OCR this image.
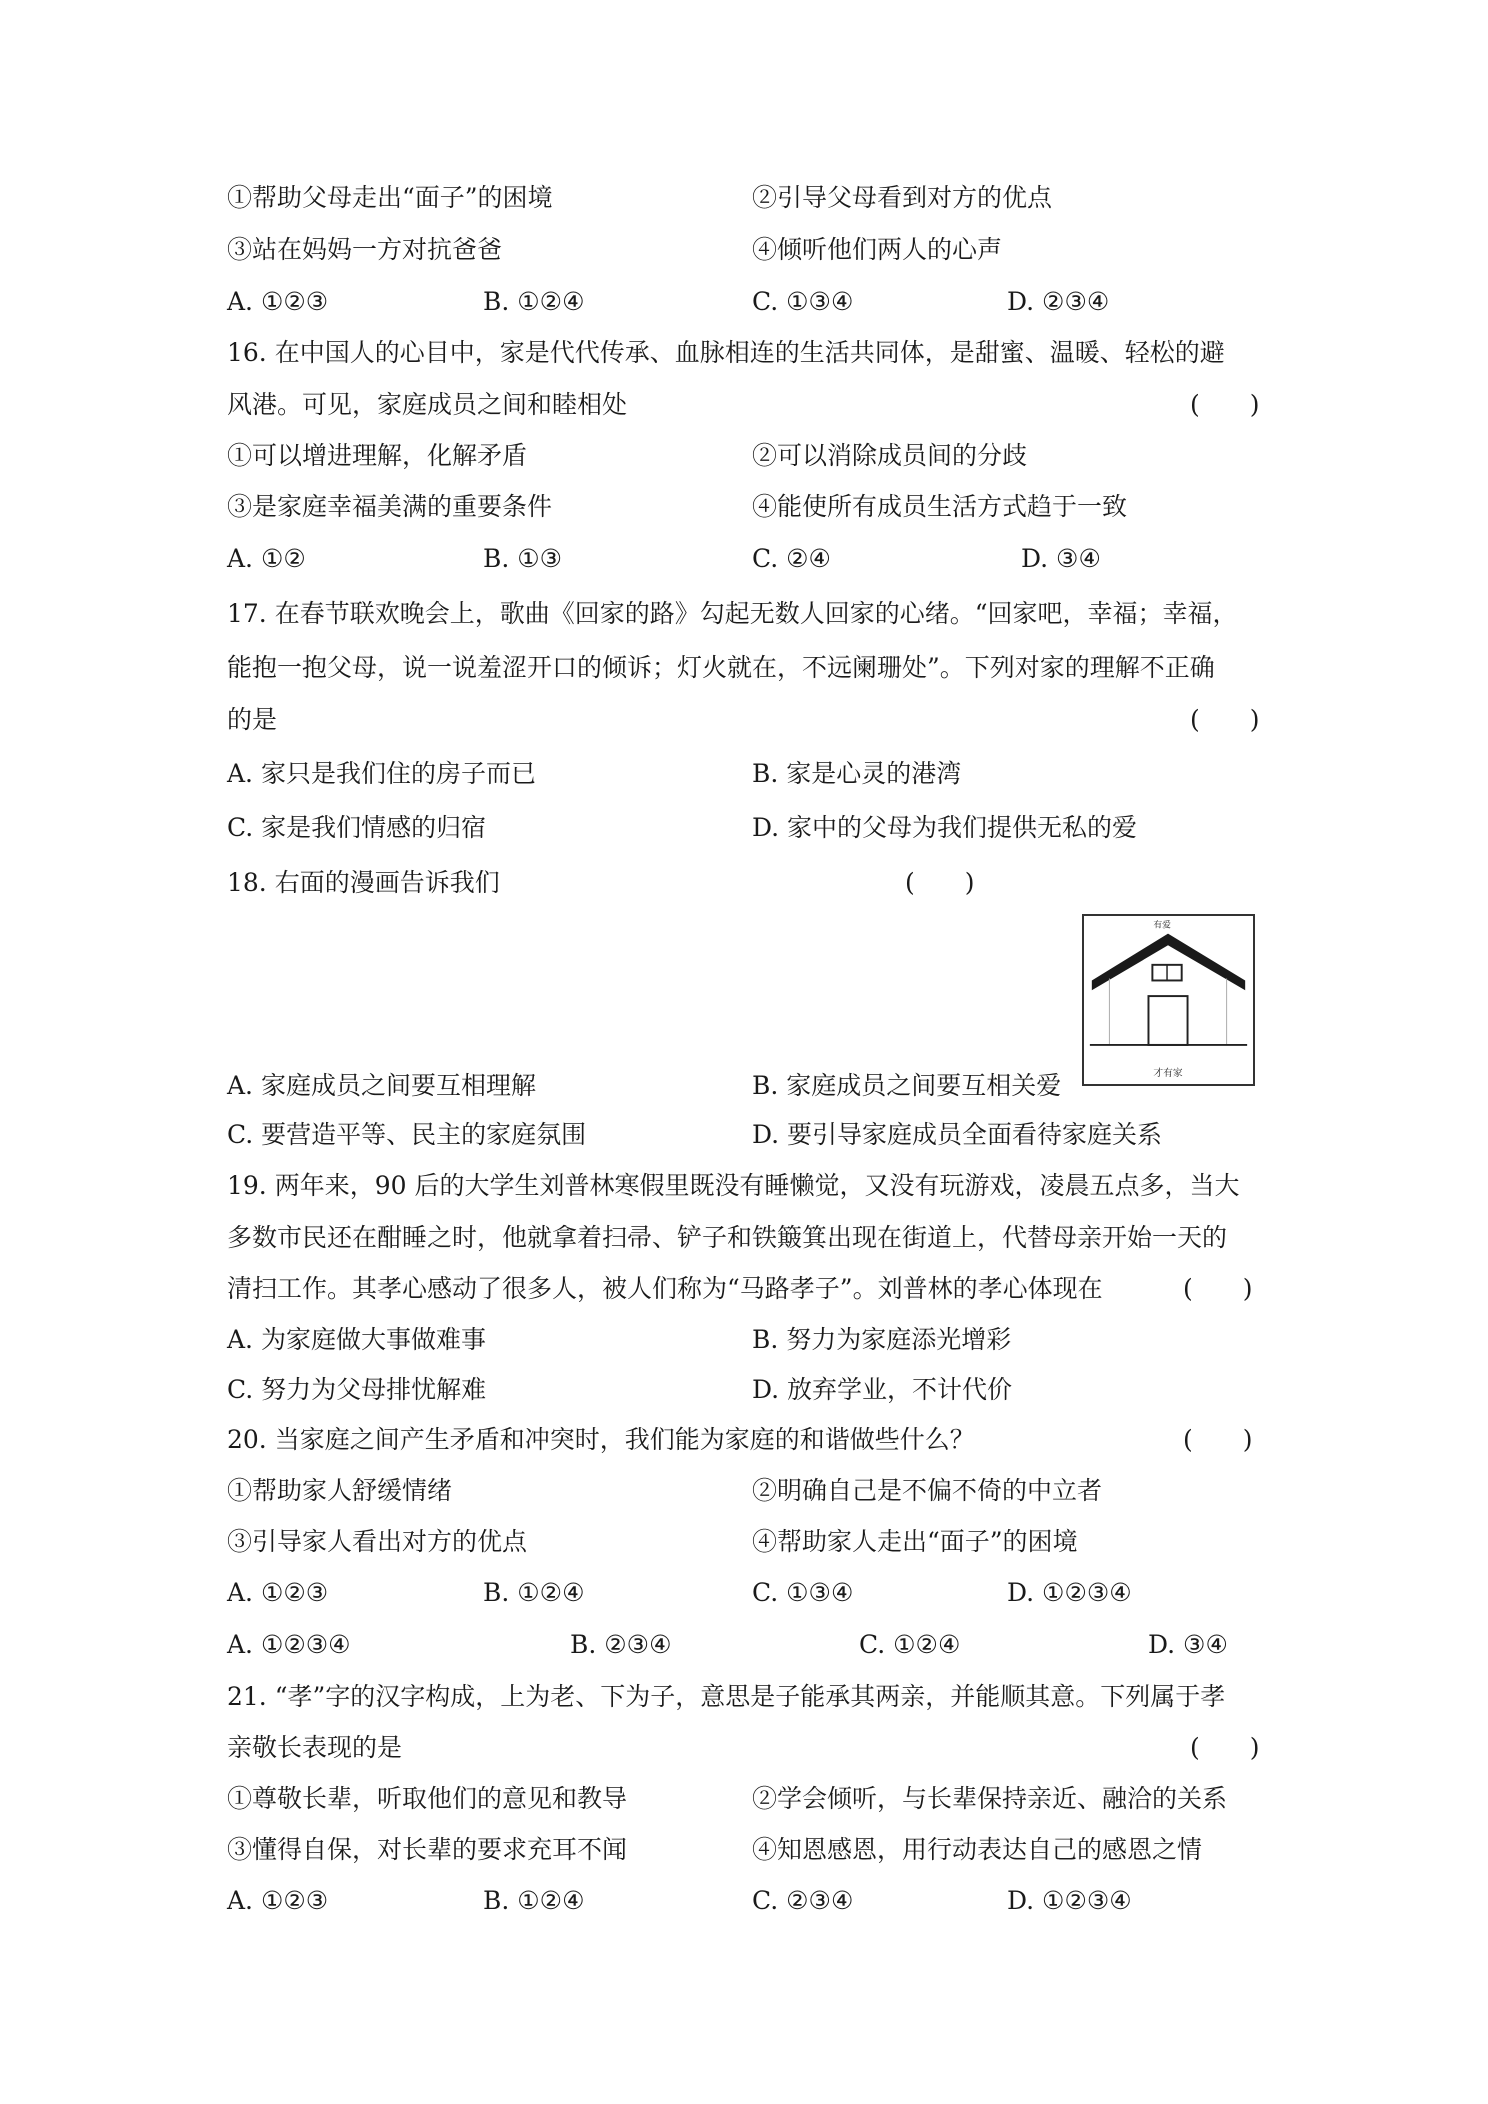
①帮助父母走出“面子”的困境	②引导父母看到对方的优点
③站在妈妈一方对抗爸爸	④倾听他们两人的心声
A. ①②③	B. ①②④	C. ①③④	D. ②③④
16. 在中国人的心目中，家是代代传承、血脉相连的生活共同体，是甜蜜、温暖、轻松的避
风港。可见，家庭成员之间和睦相处	(　　)
①可以增进理解，化解矛盾	②可以消除成员间的分歧
③是家庭幸福美满的重要条件	④能使所有成员生活方式趋于一致
A. ①②	B. ①③	C. ②④	D. ③④
17. 在春节联欢晚会上，歌曲《回家的路》勾起无数人回家的心绪。“回家吧，幸福；幸福，
能抱一抱父母，说一说羞涩开口的倾诉；灯火就在，不远阑珊处”。下列对家的理解不正确
的是	(　　)
A. 家只是我们住的房子而已	B. 家是心灵的港湾
C. 家是我们情感的归宿	D. 家中的父母为我们提供无私的爱
18. 右面的漫画告诉我们	(　　)
有爱
才有家
A. 家庭成员之间要互相理解	B. 家庭成员之间要互相关爱
C. 要营造平等、民主的家庭氛围	D. 要引导家庭成员全面看待家庭关系
19. 两年来，90 后的大学生刘普林寒假里既没有睡懒觉，又没有玩游戏，凌晨五点多，当大
多数市民还在酣睡之时，他就拿着扫帚、铲子和铁簸箕出现在街道上，代替母亲开始一天的
清扫工作。其孝心感动了很多人，被人们称为“马路孝子”。刘普林的孝心体现在	(　　)
A. 为家庭做大事做难事	B. 努力为家庭添光增彩
C. 努力为父母排忧解难	D. 放弃学业，不计代价
20. 当家庭之间产生矛盾和冲突时，我们能为家庭的和谐做些什么？	(　　)
①帮助家人舒缓情绪	②明确自己是不偏不倚的中立者
③引导家人看出对方的优点	④帮助家人走出“面子”的困境
A. ①②③	B. ①②④	C. ①③④	D. ①②③④
A. ①②③④	B. ②③④	C. ①②④	D. ③④
21. “孝”字的汉字构成，上为老、下为子，意思是子能承其两亲，并能顺其意。下列属于孝
亲敬长表现的是	(　　)
①尊敬长辈，听取他们的意见和教导	②学会倾听，与长辈保持亲近、融洽的关系
③懂得自保，对长辈的要求充耳不闻	④知恩感恩，用行动表达自己的感恩之情
A. ①②③	B. ①②④	C. ②③④	D. ①②③④
